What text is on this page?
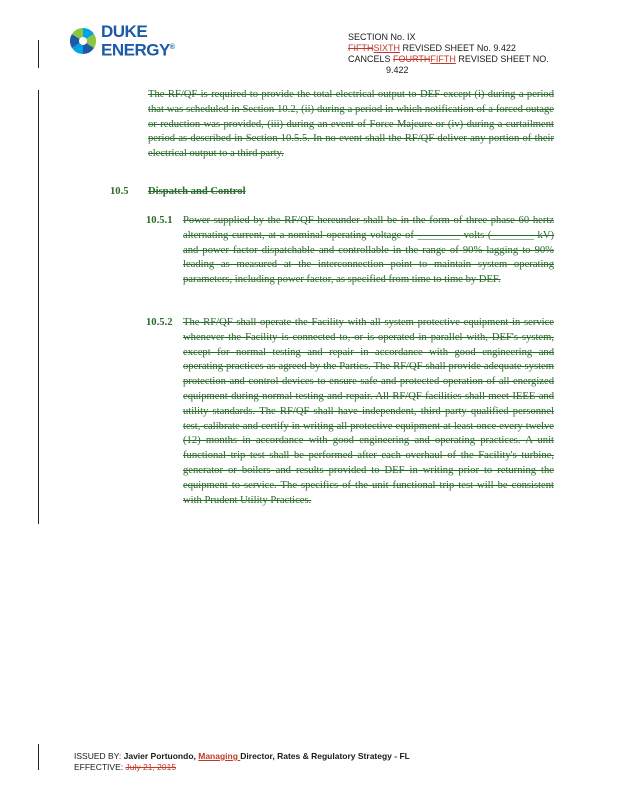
DUKE
ENERGY®
SECTION No. IX
FIFTHSIXTH REVISED SHEET No. 9.422
CANCELS FOURTHFIFTH REVISED SHEET NO.
9.422
The RF/QF is required to provide the total electrical output to DEF except (i) during a period that was scheduled in Section 10.2, (ii) during a period in which notification of a forced outage or reduction was provided, (iii) during an event of Force Majeure or (iv) during a curtailment period as described in Section 10.5.5. In no event shall the RF/QF deliver any portion of their electrical output to a third party.
10.5 Dispatch and Control
10.5.1 Power supplied by the RF/QF hereunder shall be in the form of three-phase 60 hertz alternating current, at a nominal operating voltage of ________ volts (________ kV) and power factor dispatchable and controllable in the range of 90% lagging to 90% leading as measured at the interconnection point to maintain system operating parameters, including power factor, as specified from time to time by DEF.
10.5.2 The RF/QF shall operate the Facility with all system protective equipment in service whenever the Facility is connected to, or is operated in parallel with, DEF's system, except for normal testing and repair in accordance with good engineering and operating practices as agreed by the Parties. The RF/QF shall provide adequate system protection and control devices to ensure safe and protected operation of all energized equipment during normal testing and repair. All RF/QF facilities shall meet IEEE and utility standards. The RF/QF shall have independent, third party qualified personnel test, calibrate and certify in writing all protective equipment at least once every twelve (12) months in accordance with good engineering and operating practices. A unit functional trip test shall be performed after each overhaul of the Facility's turbine, generator or boilers and results provided to DEF in writing prior to returning the equipment to service. The specifics of the unit functional trip test will be consistent with Prudent Utility Practices.
ISSUED BY: Javier Portuondo, Managing Director, Rates & Regulatory Strategy - FL
EFFECTIVE: July 21, 2015
